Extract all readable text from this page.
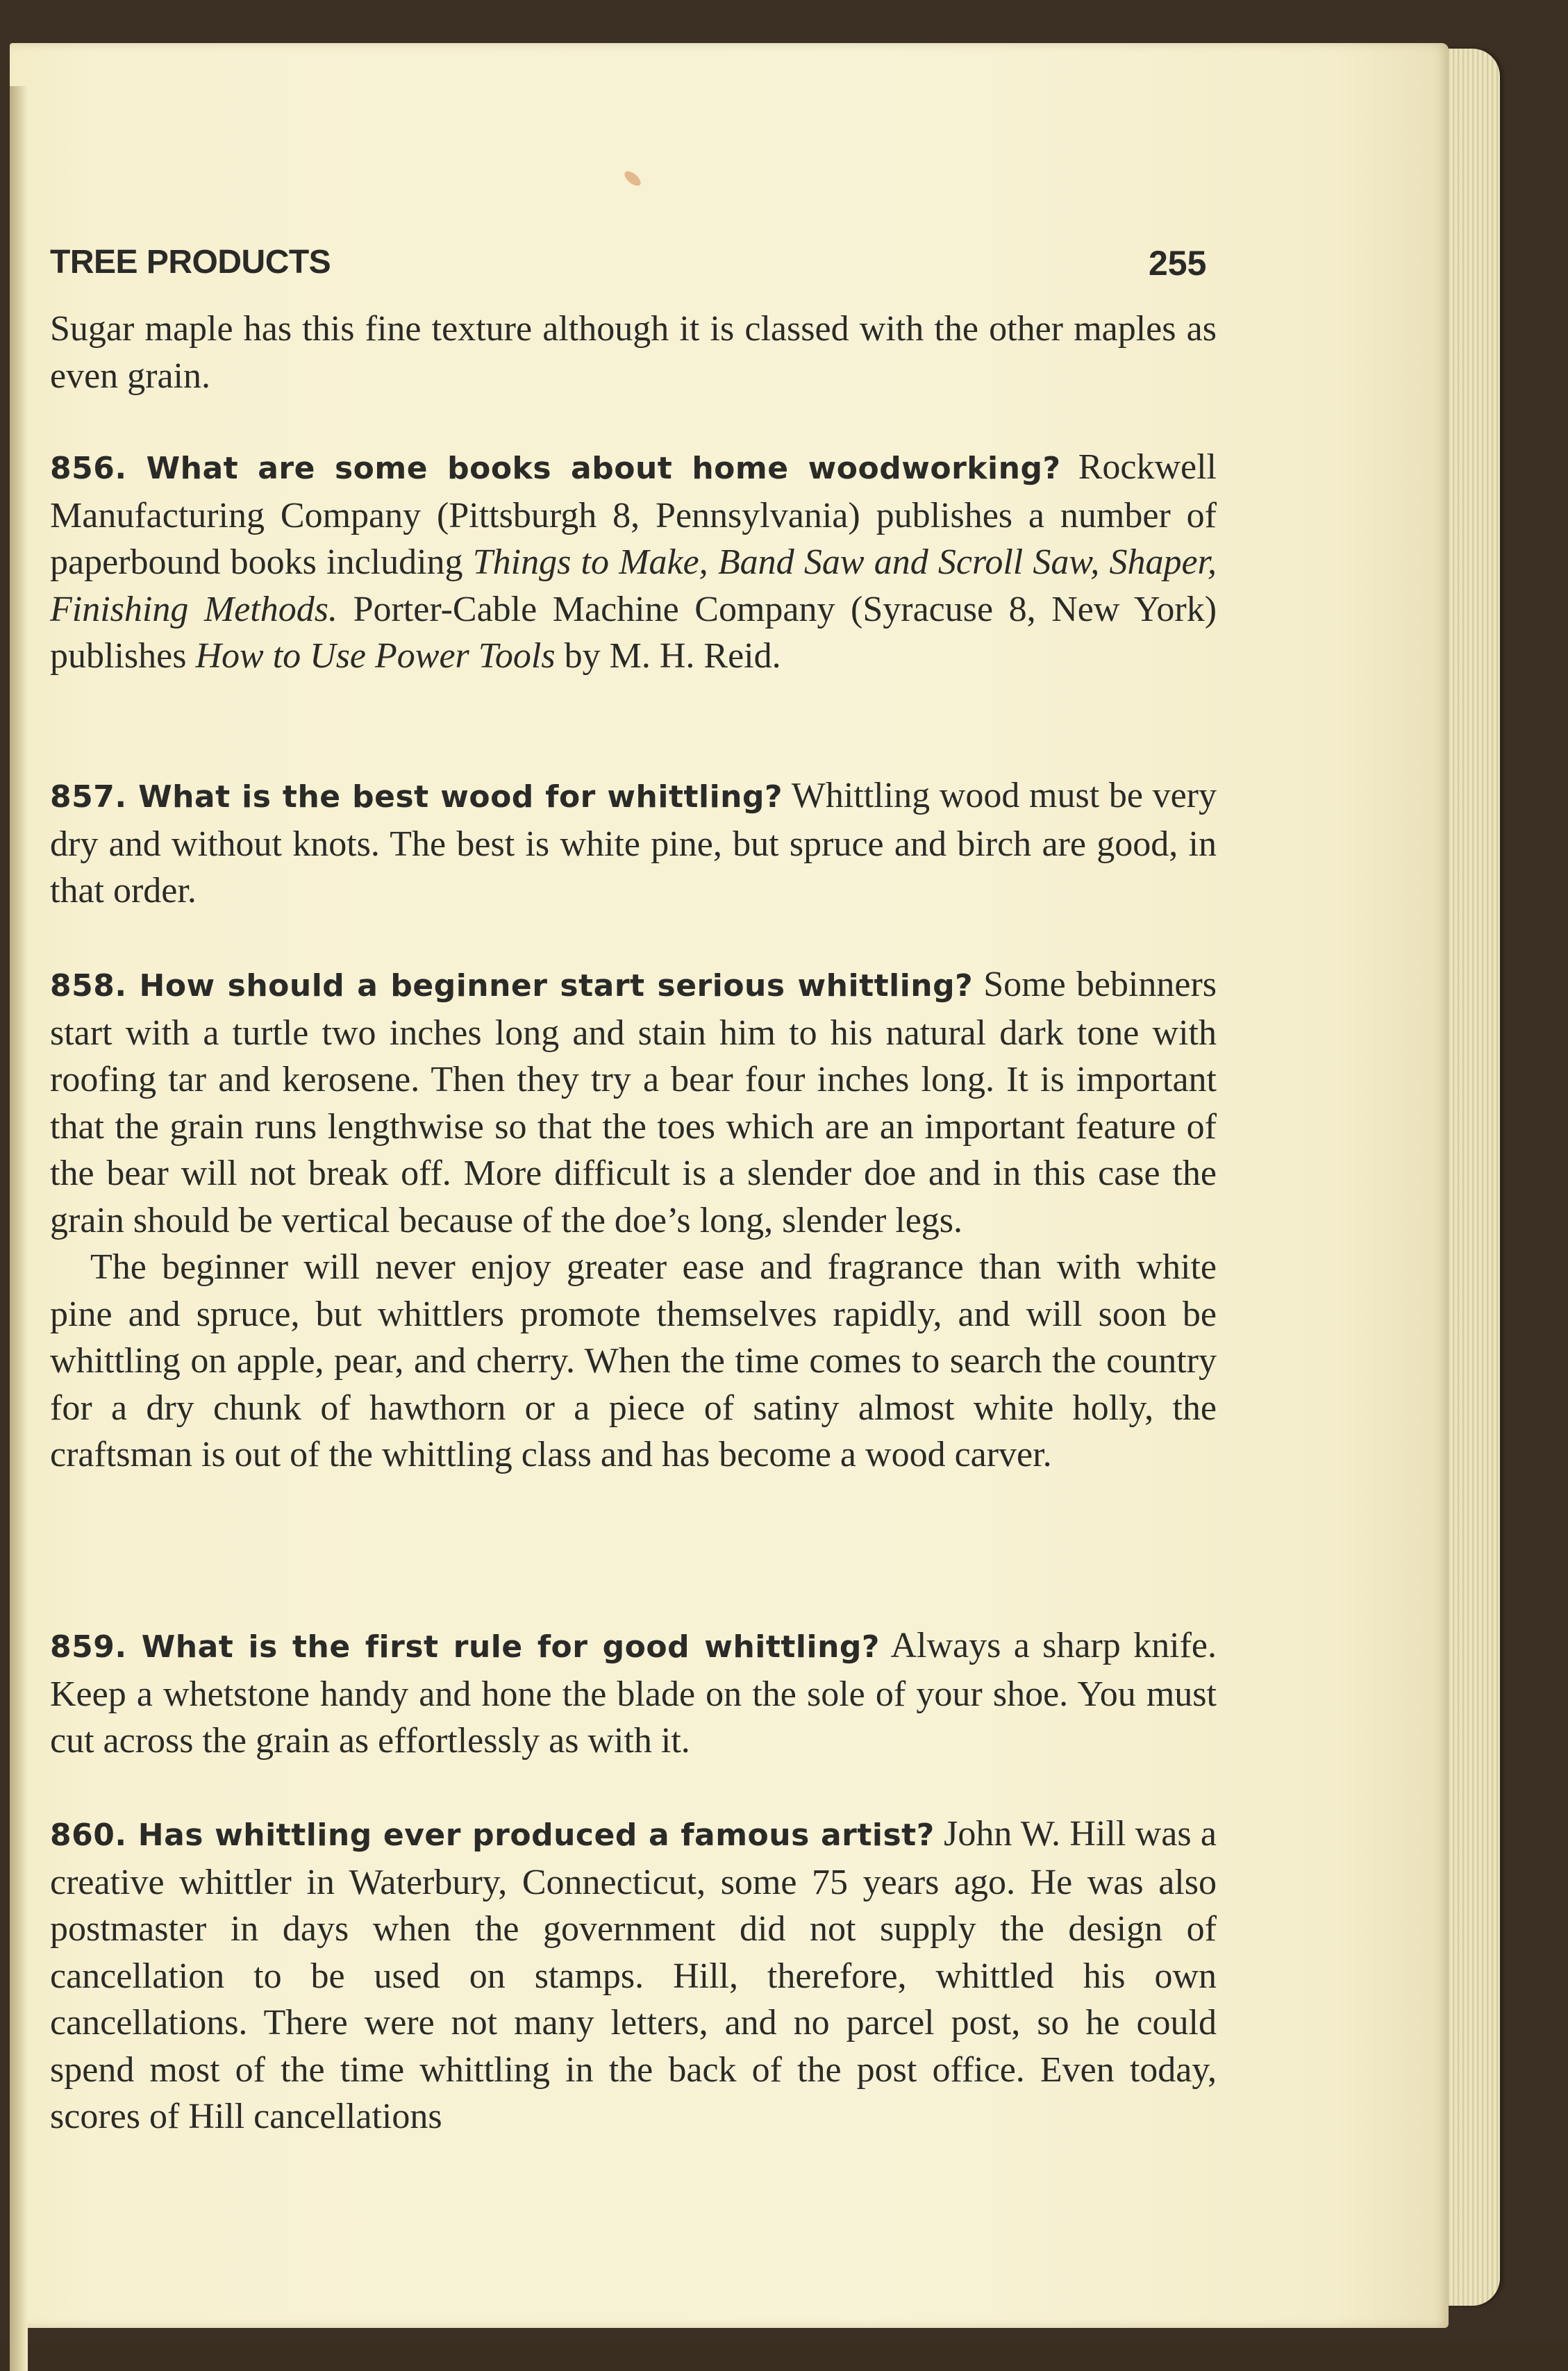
TREE PRODUCTS	255

Sugar maple has this fine texture although it is classed with the other maples as even grain.

856. What are some books about home woodworking? Rockwell Manufacturing Company (Pittsburgh 8, Pennsylvania) publishes a number of paperbound books including Things to Make, Band Saw and Scroll Saw, Shaper, Finishing Methods. Porter-Cable Machine Company (Syracuse 8, New York) publishes How to Use Power Tools by M. H. Reid.

857. What is the best wood for whittling? Whittling wood must be very dry and without knots. The best is white pine, but spruce and birch are good, in that order.

858. How should a beginner start serious whittling? Some bebinners start with a turtle two inches long and stain him to his natural dark tone with roofing tar and kerosene. Then they try a bear four inches long. It is important that the grain runs lengthwise so that the toes which are an important feature of the bear will not break off. More difficult is a slender doe and in this case the grain should be vertical because of the doe’s long, slender legs.

The beginner will never enjoy greater ease and fragrance than with white pine and spruce, but whittlers promote themselves rapidly, and will soon be whittling on apple, pear, and cherry. When the time comes to search the country for a dry chunk of hawthorn or a piece of satiny almost white holly, the craftsman is out of the whittling class and has become a wood carver.

859. What is the first rule for good whittling? Always a sharp knife. Keep a whetstone handy and hone the blade on the sole of your shoe. You must cut across the grain as effortlessly as with it.

860. Has whittling ever produced a famous artist? John W. Hill was a creative whittler in Waterbury, Connecticut, some 75 years ago. He was also postmaster in days when the government did not supply the design of cancellation to be used on stamps. Hill, therefore, whittled his own cancellations. There were not many letters, and no parcel post, so he could spend most of the time whittling in the back of the post office. Even today, scores of Hill cancellations
